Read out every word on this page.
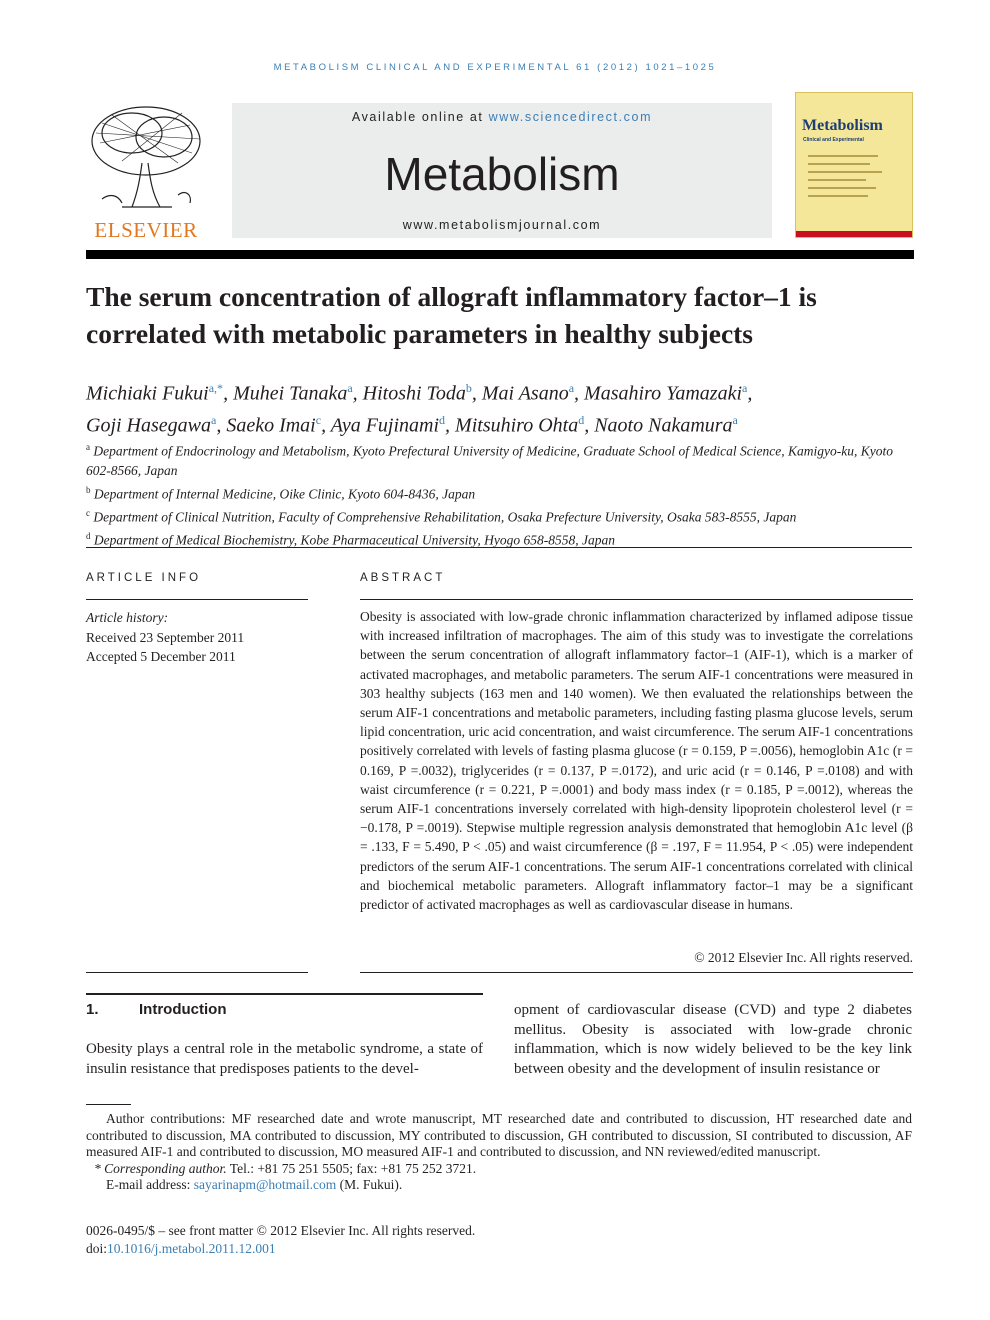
METABOLISM CLINICAL AND EXPERIMENTAL 61 (2012) 1021–1025
ELSEVIER
Available online at www.sciencedirect.com
Metabolism
www.metabolismjournal.com
Metabolism
Clinical and Experimental
The serum concentration of allograft inflammatory factor–1 is correlated with metabolic parameters in healthy subjects
Michiaki Fukui$^{a,*}$, Muhei Tanaka$^a$, Hitoshi Toda$^b$, Mai Asano$^a$, Masahiro Yamazaki$^a$,
Goji Hasegawa$^a$, Saeko Imai$^c$, Aya Fujinami$^d$, Mitsuhiro Ohta$^d$, Naoto Nakamura$^a$
$^a$ Department of Endocrinology and Metabolism, Kyoto Prefectural University of Medicine, Graduate School of Medical Science, Kamigyo-ku, Kyoto 602-8566, Japan
$^b$ Department of Internal Medicine, Oike Clinic, Kyoto 604-8436, Japan
$^c$ Department of Clinical Nutrition, Faculty of Comprehensive Rehabilitation, Osaka Prefecture University, Osaka 583-8555, Japan
$^d$ Department of Medical Biochemistry, Kobe Pharmaceutical University, Hyogo 658-8558, Japan
ARTICLE INFO
Article history:
Received 23 September 2011
Accepted 5 December 2011
ABSTRACT
Obesity is associated with low-grade chronic inflammation characterized by inflamed adipose tissue with increased infiltration of macrophages. The aim of this study was to investigate the correlations between the serum concentration of allograft inflammatory factor–1 (AIF-1), which is a marker of activated macrophages, and metabolic parameters. The serum AIF-1 concentrations were measured in 303 healthy subjects (163 men and 140 women). We then evaluated the relationships between the serum AIF-1 concentrations and metabolic parameters, including fasting plasma glucose levels, serum lipid concentration, uric acid concentration, and waist circumference. The serum AIF-1 concentrations positively correlated with levels of fasting plasma glucose (r = 0.159, P =.0056), hemoglobin A1c (r = 0.169, P =.0032), triglycerides (r = 0.137, P =.0172), and uric acid (r = 0.146, P =.0108) and with waist circumference (r = 0.221, P =.0001) and body mass index (r = 0.185, P =.0012), whereas the serum AIF-1 concentrations inversely correlated with high-density lipoprotein cholesterol level (r = −0.178, P =.0019). Stepwise multiple regression analysis demonstrated that hemoglobin A1c level (β = .133, F = 5.490, P < .05) and waist circumference (β = .197, F = 11.954, P < .05) were independent predictors of the serum AIF-1 concentrations. The serum AIF-1 concentrations correlated with clinical and biochemical metabolic parameters. Allograft inflammatory factor–1 may be a significant predictor of activated macrophages as well as cardiovascular disease in humans.
© 2012 Elsevier Inc. All rights reserved.
1.	Introduction
Obesity plays a central role in the metabolic syndrome, a state of insulin resistance that predisposes patients to the devel-
opment of cardiovascular disease (CVD) and type 2 diabetes mellitus. Obesity is associated with low-grade chronic inflammation, which is now widely believed to be the key link between obesity and the development of insulin resistance or

Author contributions: MF researched date and wrote manuscript, MT researched date and contributed to discussion, HT researched date and contributed to discussion, MA contributed to discussion, MY contributed to discussion, GH contributed to discussion, SI contributed to discussion, AF measured AIF-1 and contributed to discussion, MO measured AIF-1 and contributed to discussion, and NN reviewed/edited manuscript.

* Corresponding author. Tel.: +81 75 251 5505; fax: +81 75 252 3721.

E-mail address: sayarinapm@hotmail.com (M. Fukui).

0026-0495/$ – see front matter © 2012 Elsevier Inc. All rights reserved.
doi:10.1016/j.metabol.2011.12.001
